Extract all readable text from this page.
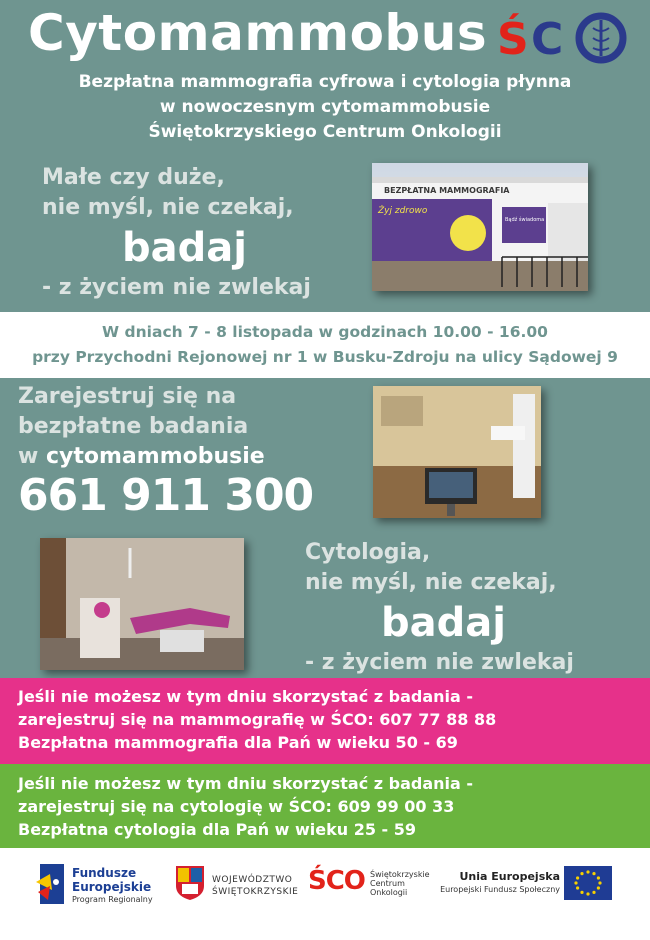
Cytomammobus Ś C
Bezpłatna mammografia cyfrowa i cytologia płynna
w nowoczesnym cytomammobusie
Świętokrzyskiego Centrum Onkologii
Małe czy duże,
nie myśl, nie czekaj,
badaj
- z życiem nie zwlekaj
BEZPŁATNA MAMMOGRAFIA
Żyj zdrowo
Bądź świadoma
W dniach 7 - 8 listopada w godzinach 10.00 - 16.00
przy Przychodni Rejonowej nr 1 w Busku-Zdroju na ulicy Sądowej 9
Zarejestruj się na
bezpłatne badania
w cytomammobusie
661 911 300
Cytologia,
nie myśl, nie czekaj,
badaj
- z życiem nie zwlekaj
Jeśli nie możesz w tym dniu skorzystać z badania -
zarejestruj się na mammografię w ŚCO: 607 77 88 88
Bezpłatna mammografia dla Pań w wieku 50 - 69
Jeśli nie możesz w tym dniu skorzystać z badania -
zarejestruj się na cytologię w ŚCO: 609 99 00 33
Bezpłatna cytologia dla Pań w wieku 25 - 59
Fundusze
Europejskie
Program Regionalny
WOJEWÓDZTWO
ŚWIĘTOKRZYSKIE ŚCO Świętokrzyskie
Centrum
Onkologii
Unia Europejska
Europejski Fundusz Społeczny
